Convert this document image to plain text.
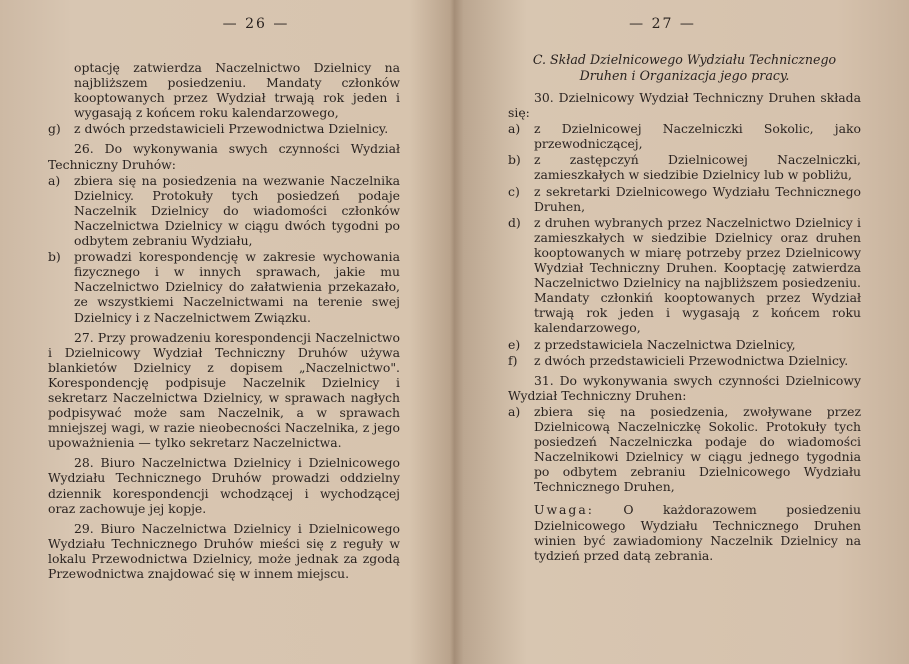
— 26 —

optację zatwierdza Naczelnictwo Dzielnicy na najbliższem posiedzeniu. Mandaty członków kooptowanych przez Wydział trwają rok jeden i wygasają z końcem roku kalendarzowego,

g)	z dwóch przedstawicieli Przewodnictwa Dzielnicy.

26. Do wykonywania swych czynności Wydział Techniczny Druhów:

a)	zbiera się na posiedzenia na wezwanie Naczelnika Dzielnicy. Protokuły tych posiedzeń podaje Naczelnik Dzielnicy do wiadomości członków Naczelnictwa Dzielnicy w ciągu dwóch tygodni po odbytem zebraniu Wydziału,
b)	prowadzi korespondencję w zakresie wychowania fizycznego i w innych sprawach, jakie mu Naczelnictwo Dzielnicy do załatwienia przekazało, ze wszystkiemi Naczelnictwami na terenie swej Dzielnicy i z Naczelnictwem Związku.

27. Przy prowadzeniu korespondencji Naczelnictwo i Dzielnicowy Wydział Techniczny Druhów używa blankietów Dzielnicy z dopisem „Naczelnictwo". Korespondencję podpisuje Naczelnik Dzielnicy i sekretarz Naczelnictwa Dzielnicy, w sprawach nagłych podpisywać może sam Naczelnik, a w sprawach mniejszej wagi, w razie nieobecności Naczelnika, z jego upoważnienia — tylko sekretarz Naczelnictwa.

28. Biuro Naczelnictwa Dzielnicy i Dzielnicowego Wydziału Technicznego Druhów prowadzi oddzielny dziennik korespondencji wchodzącej i wychodzącej oraz zachowuje jej kopje.

29. Biuro Naczelnictwa Dzielnicy i Dzielnicowego Wydziału Technicznego Druhów mieści się z reguły w lokalu Przewodnictwa Dzielnicy, może jednak za zgodą Przewodnictwa znajdować się w innem miejscu.

— 27 —

C. Skład Dzielnicowego Wydziału Technicznego Druhen i Organizacja jego pracy.

30. Dzielnicowy Wydział Techniczny Druhen składa się:

a)	z Dzielnicowej Naczelniczki Sokolic, jako przewodniczącej,
b)	z zastępczyń Dzielnicowej Naczelniczki, zamieszkałych w siedzibie Dzielnicy lub w pobliżu,
c)	z sekretarki Dzielnicowego Wydziału Technicznego Druhen,
d)	z druhen wybranych przez Naczelnictwo Dzielnicy i zamieszkałych w siedzibie Dzielnicy oraz druhen kooptowanych w miarę potrzeby przez Dzielnicowy Wydział Techniczny Druhen. Kooptację zatwierdza Naczelnictwo Dzielnicy na najbliższem posiedzeniu. Mandaty członkiń kooptowanych przez Wydział trwają rok jeden i wygasają z końcem roku kalendarzowego,
e)	z przedstawiciela Naczelnictwa Dzielnicy,
f)	z dwóch przedstawicieli Przewodnictwa Dzielnicy.

31. Do wykonywania swych czynności Dzielnicowy Wydział Techniczny Druhen:

a)	zbiera się na posiedzenia, zwoływane przez Dzielnicową Naczelniczkę Sokolic. Protokuły tych posiedzeń Naczelniczka podaje do wiadomości Naczelnikowi Dzielnicy w ciągu jednego tygodnia po odbytem zebraniu Dzielnicowego Wydziału Technicznego Druhen,

Uwaga: O każdorazowem posiedzeniu Dzielnicowego Wydziału Technicznego Druhen winien być zawiadomiony Naczelnik Dzielnicy na tydzień przed datą zebrania.
